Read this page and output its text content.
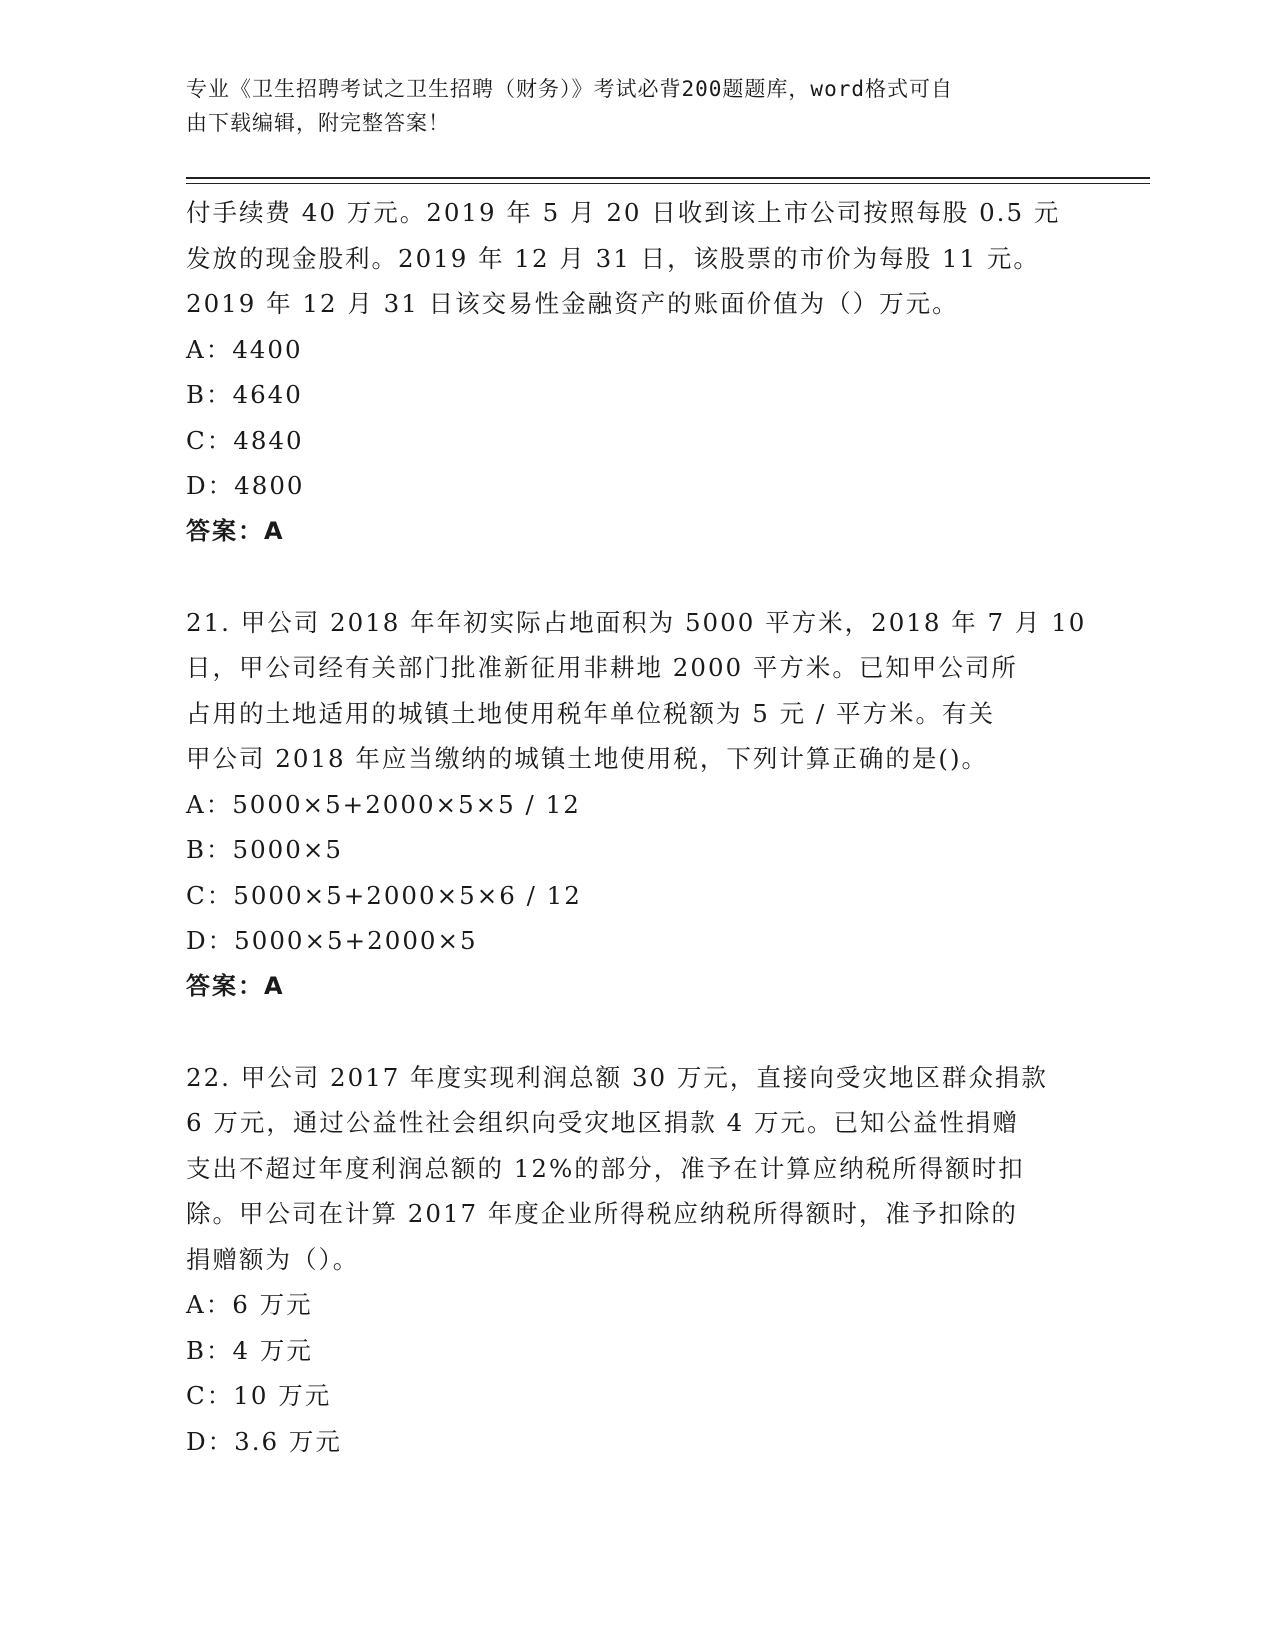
专业《卫生招聘考试之卫生招聘（财务）》考试必背200题题库，word格式可自
由下载编辑，附完整答案！
付手续费 40 万元。2019 年 5 月 20 日收到该上市公司按照每股 0.5 元
发放的现金股利。2019 年 12 月 31 日，该股票的市价为每股 11 元。
2019 年 12 月 31 日该交易性金融资产的账面价值为（）万元。
A：4400
B：4640
C：4840
D：4800
答案：A
21. 甲公司 2018 年年初实际占地面积为 5000 平方米，2018 年 7 月 10
日，甲公司经有关部门批准新征用非耕地 2000 平方米。已知甲公司所
占用的土地适用的城镇土地使用税年单位税额为 5 元 / 平方米。有关
甲公司 2018 年应当缴纳的城镇土地使用税，下列计算正确的是()。
A：5000×5+2000×5×5 / 12
B：5000×5
C：5000×5+2000×5×6 / 12
D：5000×5+2000×5
答案：A
22. 甲公司 2017 年度实现利润总额 30 万元，直接向受灾地区群众捐款
6 万元，通过公益性社会组织向受灾地区捐款 4 万元。已知公益性捐赠
支出不超过年度利润总额的 12%的部分，准予在计算应纳税所得额时扣
除。甲公司在计算 2017 年度企业所得税应纳税所得额时，准予扣除的
捐赠额为（）。
A：6 万元
B：4 万元
C：10 万元
D：3.6 万元
